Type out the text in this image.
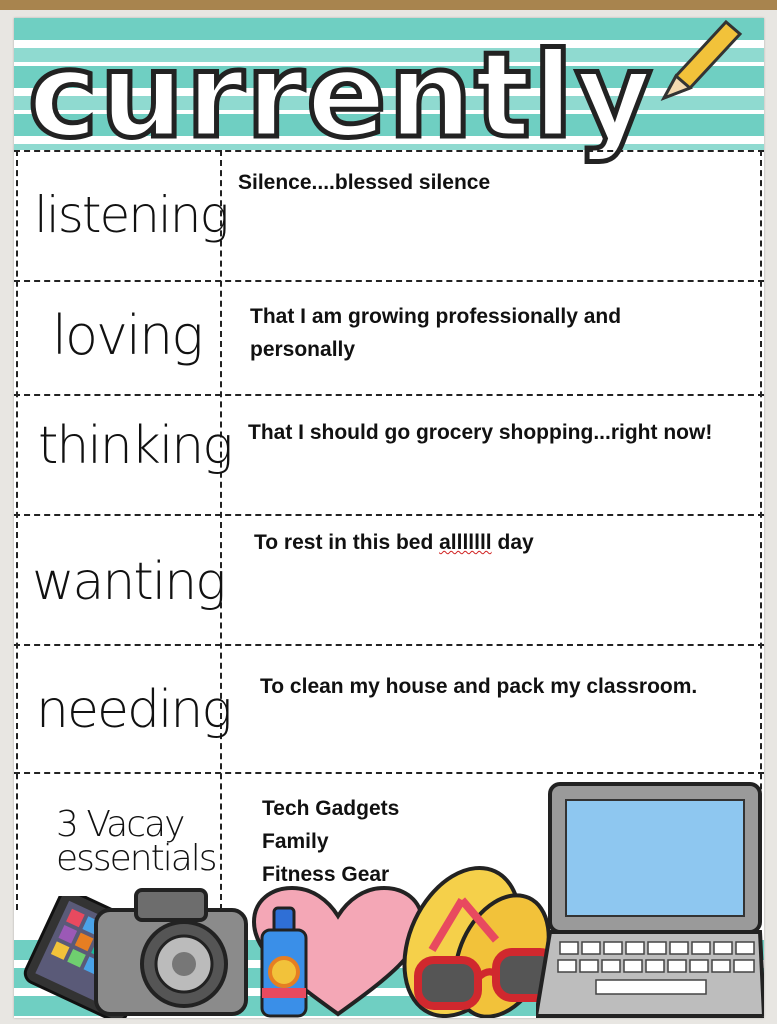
currently
listening
Silence....blessed silence
loving That I am growing professionally and personally
thinking That I should go grocery shopping...right now!
wanting
To rest in this bed alllllll day
needing To clean my house and pack my classroom.
3 Vacay
essentials
Tech Gadgets
Family
Fitness Gear
